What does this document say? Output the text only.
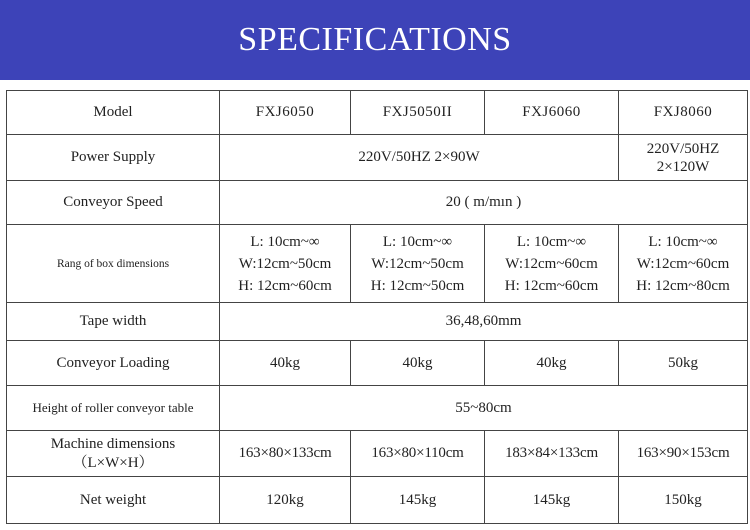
SPECIFICATIONS
Model	FXJ6050	FXJ5050II	FXJ6060	FXJ8060
Power Supply	220V/50HZ 2×90W			220V/50HZ
2×120W

Conveyor Speed	20 ( m/mın )			
Rang of box dimensions	L: 10cm~∞
W:12cm~50cm
H: 12cm~60cm	L: 10cm~∞
W:12cm~50cm
H: 12cm~50cm	L: 10cm~∞
W:12cm~60cm
H: 12cm~60cm	L: 10cm~∞
W:12cm~60cm
H: 12cm~80cm

Tape width	36,48,60mm			
Conveyor Loading	40kg	40kg	40kg	50kg
Height of roller conveyor table	55~80cm			

Machine dimensions
（L×W×H）	163×80×133cm	163×80×110cm	183×84×133cm	163×90×153cm
Net weight	120kg	145kg	145kg	150kg
